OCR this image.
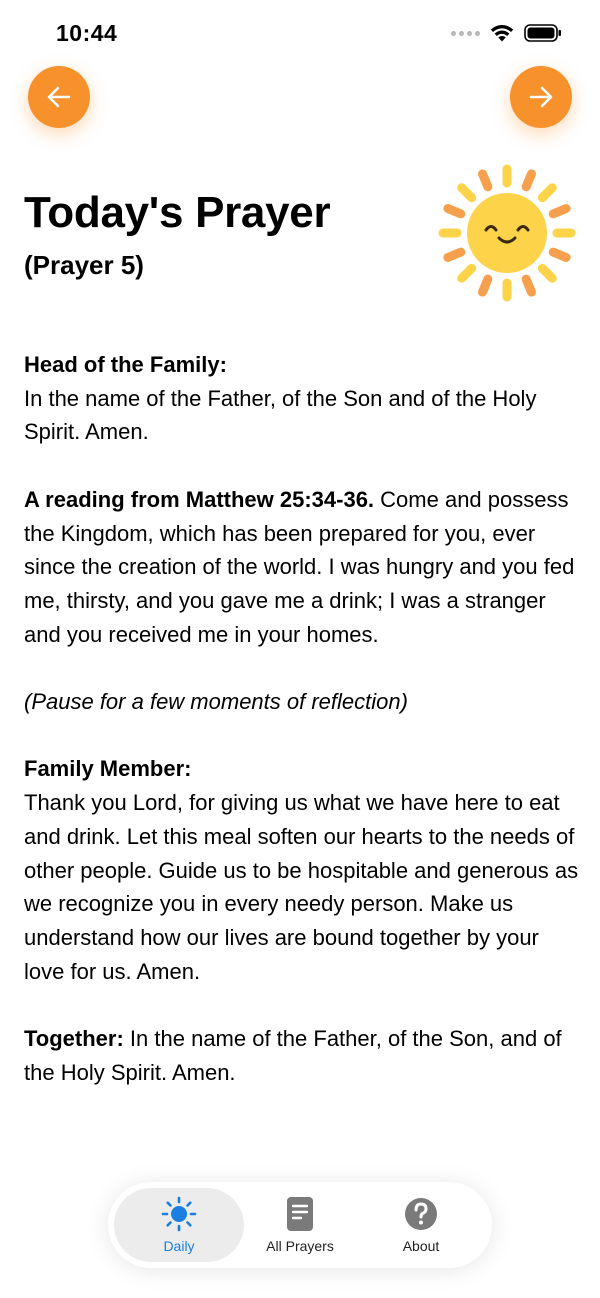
10:44
Today's Prayer
(Prayer 5)

Head of the Family:
In the name of the Father, of the Son and of the Holy Spirit. Amen.

A reading from Matthew 25:34-36. Come and possess the Kingdom, which has been prepared for you, ever since the creation of the world. I was hungry and you fed me, thirsty, and you gave me a drink; I was a stranger and you received me in your homes.

(Pause for a few moments of reflection)

Family Member:
Thank you Lord, for giving us what we have here to eat and drink. Let this meal soften our hearts to the needs of other people. Guide us to be hospitable and generous as we recognize you in every needy person. Make us understand how our lives are bound together by your love for us. Amen.

Together: In the name of the Father, of the Son, and of the Holy Spirit. Amen.

Daily	All Prayers	About
